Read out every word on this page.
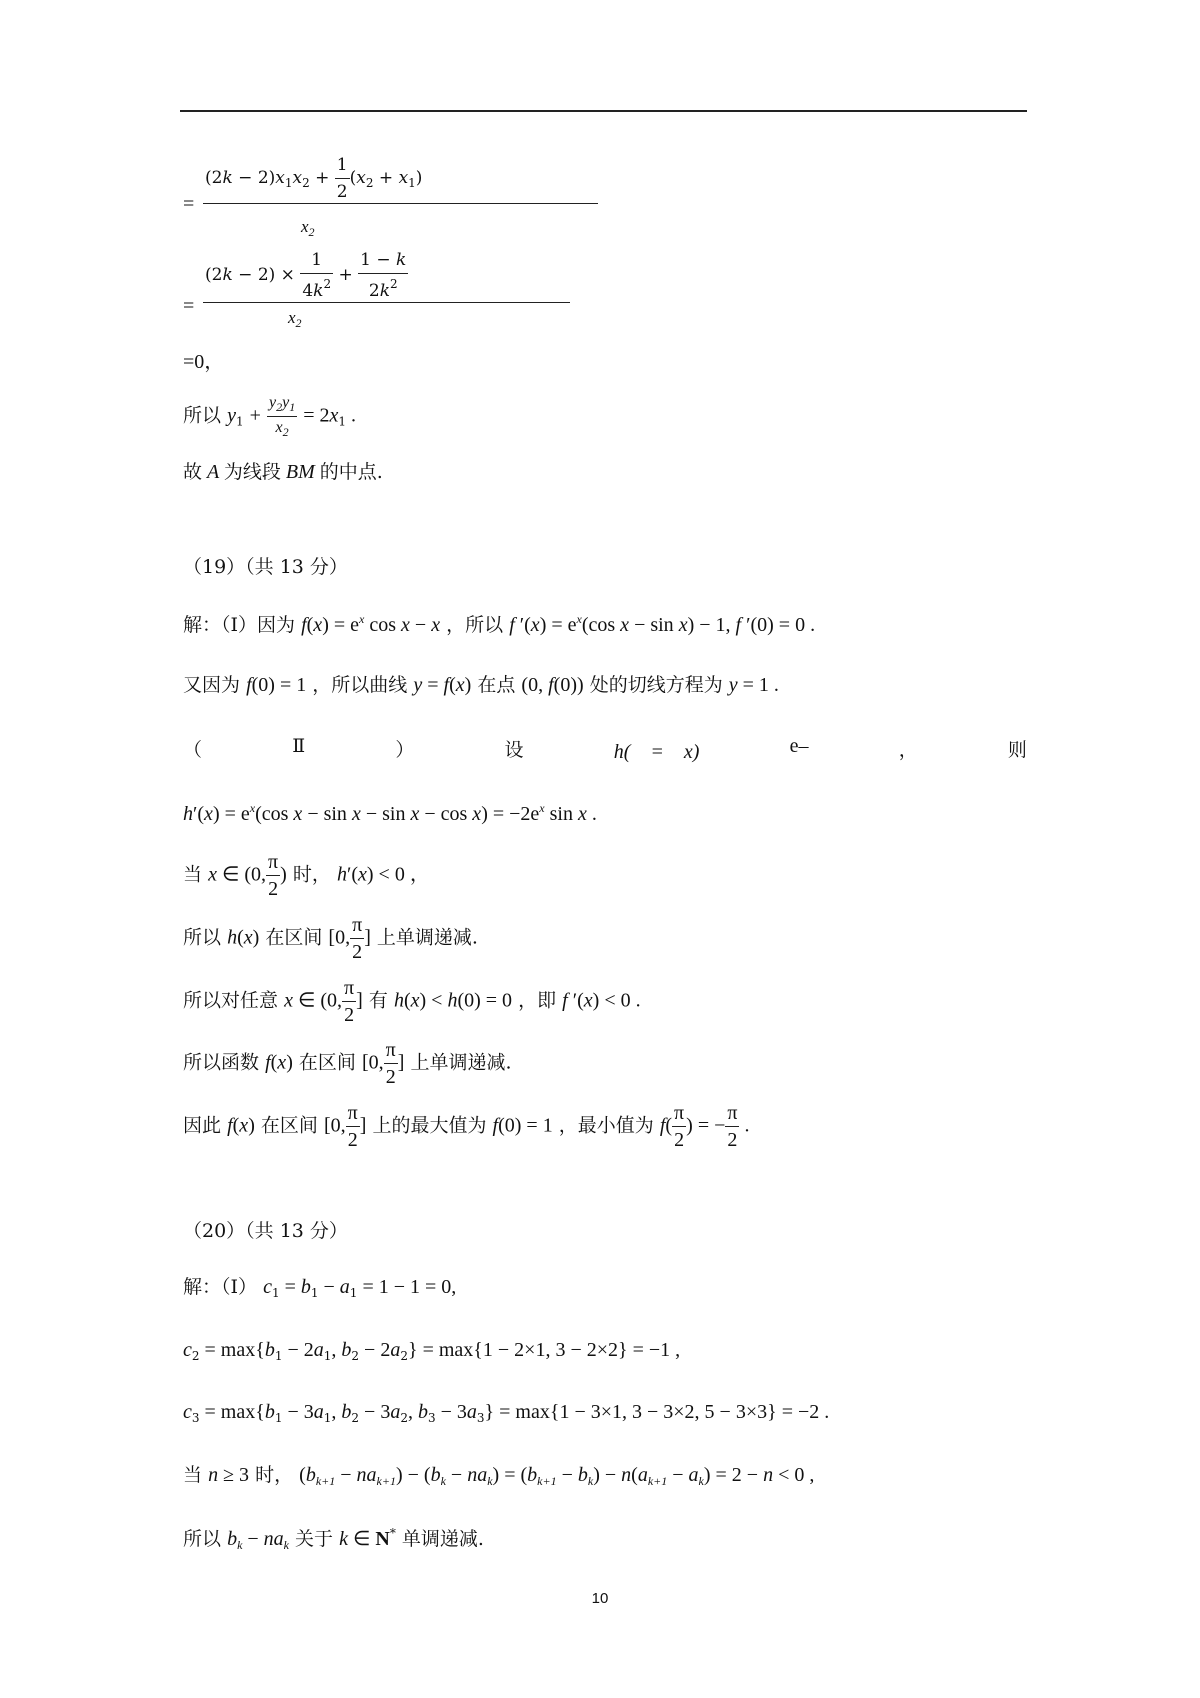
=
$(2k - 2)x_1x_2 + \frac{1}{2} (x_2 + x_1)$
$x_2$
=
$(2k - 2) \times \frac{1}{4k^2} + \frac{1 - k}{2k^2}$
$x_2$
=0，
所以 $y_1 + \frac{y_2y_1}{x_2} = 2x_1$ .
故 A 为线段 BM 的中点.
（19）（共 13 分）
解：（Ⅰ）因为 $f(x) = e^x$ cos x − x ，所以 f $'(x) = e^x(\cos$ x − sin x) − 1, f ′(0) = 0 .
又因为 f(0) = 1 ，所以曲线 y = f(x) 在点 (0, f(0)) 处的切线方程为 y = 1 .
（	Ⅱ	）	设	h(　=　x)	e–	，	则
$h'(x) = e^x(\cos$ $x - \sin x - \sin x - \cos x) = -2e^x$ sin x .
当 x ∈ (0, $\frac{\pi}{2}$ ) 时， h′(x) < 0 ，
所以 h(x) 在区间 [0, $\frac{\pi}{2}$ ] 上单调递减.
所以对任意 x ∈ (0, $\frac{\pi}{2}$ ] 有 h(x) < h(0) = 0 ，即 f ′(x) < 0 .
所以函数 f(x) 在区间 [0, $\frac{\pi}{2}$ ] 上单调递减.
因此 f(x) 在区间 [0, $\frac{\pi}{2}$ ] 上的最大值为 f(0) = 1 ，最小值为 $f( \frac{\pi}{2}$ ) = − $\frac{\pi}{2}$ .
（20）（共 13 分）
解：（Ⅰ） $c_1 = b_1 - a_1 = 1 - 1 = 0$,
$c_2 = \max\{b_1 - 2a_1$, $b_2 - 2a_2\} = \max\{1 - 2\times 1$, 3 − 2×2} = −1 ,
$c_3 = \max\{b_1 - 3a_1$, $b_2 - 3a_2$, $b_3 - 3a_3\} = \max\{1 - 3\times 1$, 3 − 3×2, 5 − 3×3} = −2 .
当 n ≥ 3 时， $(b_{k+1} - na_{k+1}) - (b_k - na_k) = (b_{k+1} - b_k) - n(a_{k+1} - a_k) = 2 - n < 0$ ,
所以 $b_k - na_k$ 关于 k ∈ N* 单调递减.
10
